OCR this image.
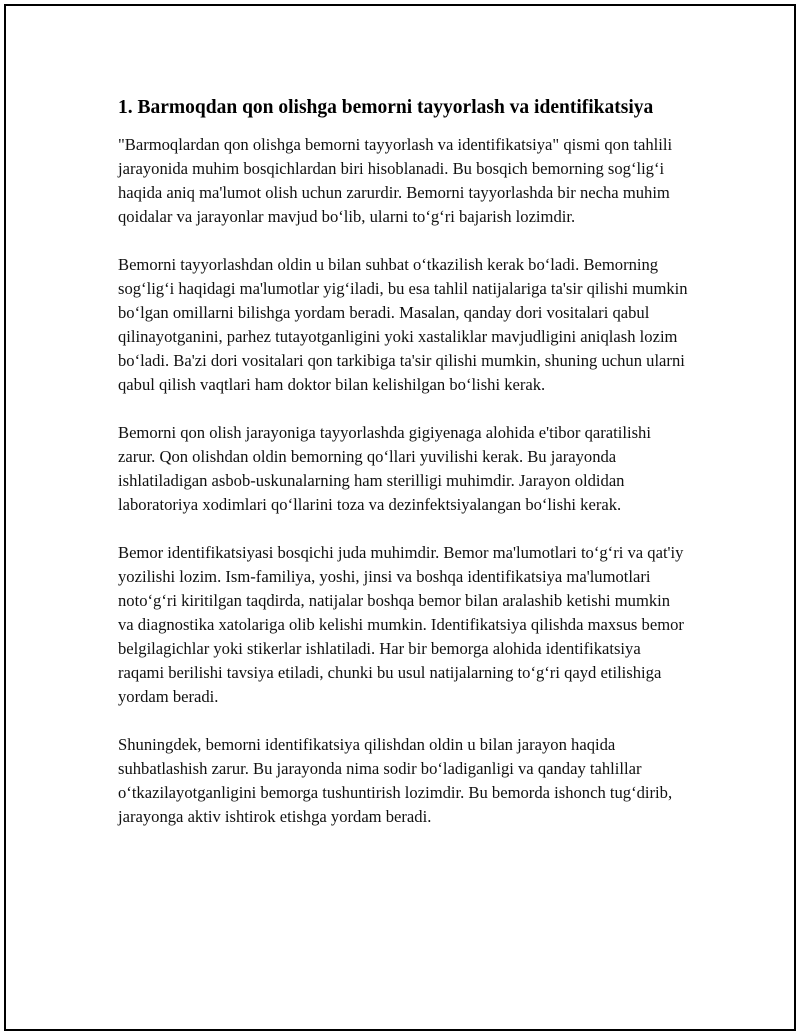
1. Barmoqdan qon olishga bemorni tayyorlash va identifikatsiya

"Barmoqlardan qon olishga bemorni tayyorlash va identifikatsiya" qismi qon tahlili jarayonida muhim bosqichlardan biri hisoblanadi. Bu bosqich bemorning sog‘lig‘i haqida aniq ma'lumot olish uchun zarurdir. Bemorni tayyorlashda bir necha muhim qoidalar va jarayonlar mavjud bo‘lib, ularni to‘g‘ri bajarish lozimdir.

Bemorni tayyorlashdan oldin u bilan suhbat o‘tkazilish kerak bo‘ladi. Bemorning sog‘lig‘i haqidagi ma'lumotlar yig‘iladi, bu esa tahlil natijalariga ta'sir qilishi mumkin bo‘lgan omillarni bilishga yordam beradi. Masalan, qanday dori vositalari qabul qilinayotganini, parhez tutayotganligini yoki xastaliklar mavjudligini aniqlash lozim bo‘ladi. Ba'zi dori vositalari qon tarkibiga ta'sir qilishi mumkin, shuning uchun ularni qabul qilish vaqtlari ham doktor bilan kelishilgan bo‘lishi kerak.

Bemorni qon olish jarayoniga tayyorlashda gigiyenaga alohida e'tibor qaratilishi zarur. Qon olishdan oldin bemorning qo‘llari yuvilishi kerak. Bu jarayonda ishlatiladigan asbob-uskunalarning ham sterilligi muhimdir. Jarayon oldidan laboratoriya xodimlari qo‘llarini toza va dezinfektsiyalangan bo‘lishi kerak.

Bemor identifikatsiyasi bosqichi juda muhimdir. Bemor ma'lumotlari to‘g‘ri va qat'iy yozilishi lozim. Ism-familiya, yoshi, jinsi va boshqa identifikatsiya ma'lumotlari noto‘g‘ri kiritilgan taqdirda, natijalar boshqa bemor bilan aralashib ketishi mumkin va diagnostika xatolariga olib kelishi mumkin. Identifikatsiya qilishda maxsus bemor belgilagichlar yoki stikerlar ishlatiladi. Har bir bemorga alohida identifikatsiya raqami berilishi tavsiya etiladi, chunki bu usul natijalarning to‘g‘ri qayd etilishiga yordam beradi.

Shuningdek, bemorni identifikatsiya qilishdan oldin u bilan jarayon haqida suhbatlashish zarur. Bu jarayonda nima sodir bo‘ladiganligi va qanday tahlillar o‘tkazilayotganligini bemorga tushuntirish lozimdir. Bu bemorda ishonch tug‘dirib, jarayonga aktiv ishtirok etishga yordam beradi.
